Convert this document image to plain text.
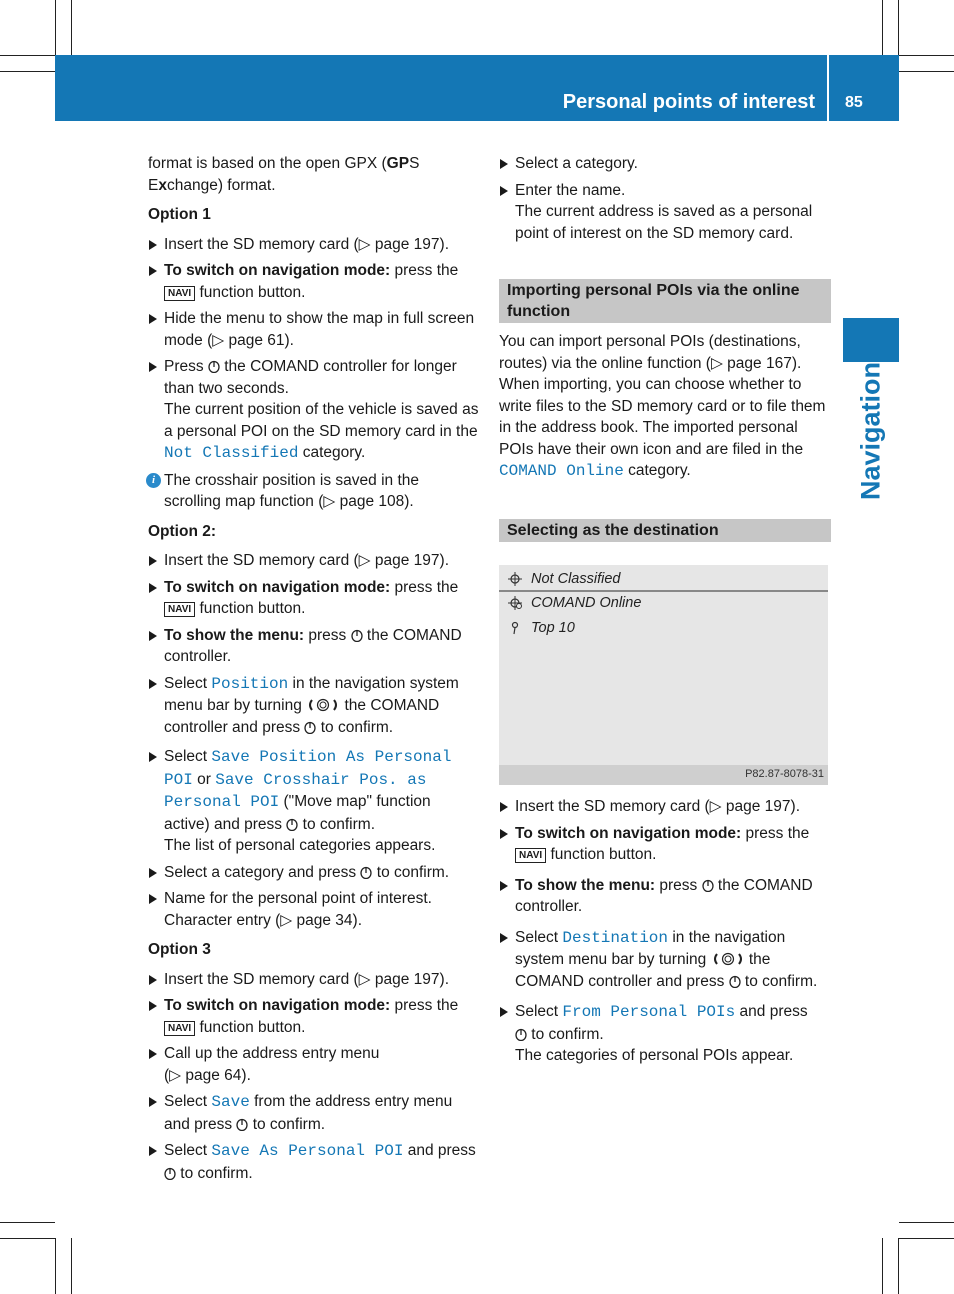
Personal points of interest 85
Navigation

format is based on the open GPX (GPS
Exchange) format.

Option 1
Insert the SD memory card (▷ page 197).
To switch on navigation mode: press the
NAVI function button.
Hide the menu to show the map in full screen mode (▷ page 61).
Press  the COMAND controller for longer than two seconds.
The current position of the vehicle is saved as a personal POI on the SD memory card in the
Not Classified category.
i The crosshair position is saved in the scrolling map function (▷ page 108).
Option 2:
Insert the SD memory card (▷ page 197).
To switch on navigation mode: press the
NAVI function button.
To show the menu: press  the COMAND controller.
Select Position in the navigation system menu bar by turning  the COMAND controller and press  to confirm.
Select Save Position As Personal POI or Save Crosshair Pos. as Personal POI ("Move map" function active) and press  to confirm.
The list of personal categories appears.
Select a category and press  to confirm.
Name for the personal point of interest.
Character entry (▷ page 34).
Option 3
Insert the SD memory card (▷ page 197).
To switch on navigation mode: press the
NAVI function button.
Call up the address entry menu
(▷ page 64).
Select Save from the address entry menu and press  to confirm.
Select Save As Personal POI and press
to confirm.
Select a category.
Enter the name.
The current address is saved as a personal point of interest on the SD memory card.
Importing personal POIs via the online function

You can import personal POIs (destinations, routes) via the online function (▷ page 167). When importing, you can choose whether to write files to the SD memory card or to file them in the address book. The imported personal POIs have their own icon and are filed in the COMAND Online category.

Selecting as the destination
Not Classified
COMAND Online
Top 10
P82.87-8078-31
Insert the SD memory card (▷ page 197).
To switch on navigation mode: press the
NAVI function button.
To show the menu: press  the COMAND controller.
Select Destination in the navigation system menu bar by turning  the COMAND controller and press  to confirm.
Select From Personal POIs and press
to confirm.
The categories of personal POIs appear.
